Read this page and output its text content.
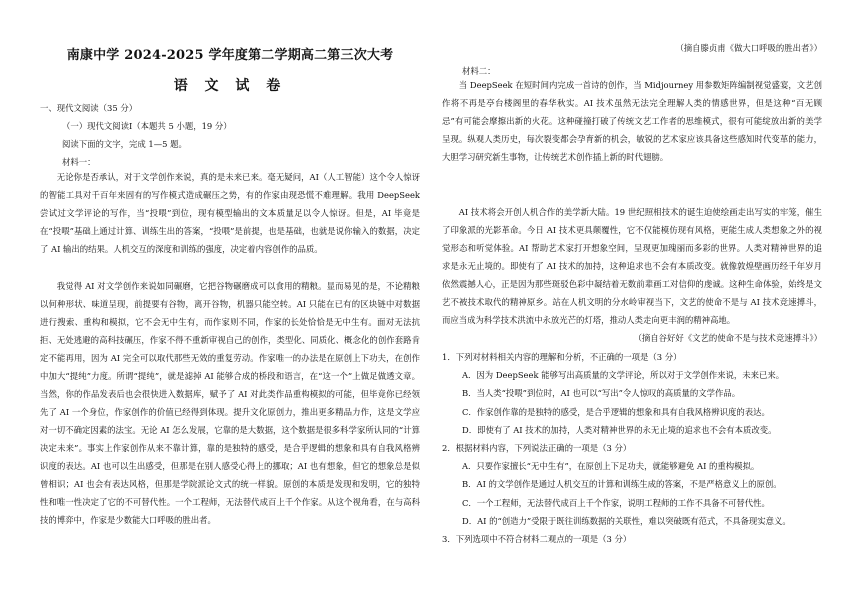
南康中学 2024-2025 学年度第二学期高二第三次大考
语 文 试 卷
一、现代文阅读（35 分）
（一）现代文阅读Ⅰ（本题共 5 小题，19 分）
阅读下面的文字，完成 1—5 题。
材料一：

无论你是否承认，对于文学创作来说，真的是未来已来。毫无疑问，AI（人工智能）这个令人惊讶的智能工具对千百年来固有的写作模式造成碾压之势，有的作家由现恐慌不难理解。我用 DeepSeek 尝试过文学评论的写作，当“投喂”到位，现有模型输出的文本质量足以令人惊讶。但是，AI 毕竟是在“投喂”基础上通过计算、训练生出的答案，“投喂”是前提，也是基础，也就是说你输入的数据，决定了 AI 输出的结果。人机交互的深度和训练的强度，决定着内容创作的品质。

我觉得 AI 对文学创作来说如同碾磨，它把谷物碾磨成可以食用的精粮。显而易见的是，不论精粮以何种形状、味道呈现，前提要有谷物，离开谷物，机器只能空转。AI 只能在已有的区块链中对数据进行搜索、重构和模拟，它不会无中生有，而作家则不同，作家的长处恰恰是无中生有。面对无法抗拒、无处逃避的高科技碾压，作家不得不重新审视自己的创作，类型化、同质化、概念化的创作套路肯定不能再用，因为 AI 完全可以取代那些无效的重复劳动。作家唯一的办法是在原创上下功夫，在创作中加大“提纯”力度。所谓“提纯”，就是滤掉 AI 能够合成的桥段和语言，在“这一个”上做足做透文章。当然，你的作品发表后也会很快进入数据库，赋予了 AI 对此类作品重构模拟的可能，但毕竟你已经领先了 AI 一个身位，作家创作的价值已经得到体现。提升文化原创力，推出更多精品力作，这是文学应对一切不确定因素的法宝。无论 AI 怎么发展，它靠的是大数据，这个数据是很多科学家所认同的“计算决定未来”。事实上作家创作从来不靠计算，靠的是独特的感受，是合乎逻辑的想象和具有自我风格辨识度的表达。AI 也可以生出感受，但那是在别人感受心得上的挪取；AI 也有想象，但它的想象总是似曾相识；AI 也会有表达风格，但那是学院派论文式的统一样貌。原创的本质是发现和发明，它的独特性和唯一性决定了它的不可替代性。一个工程师，无法替代成百上千个作家。从这个视角看，在与高科技的博弈中，作家是少数能大口呼吸的胜出者。

（摘自滕贞甫《做大口呼吸的胜出者》）
材料二：

当 DeepSeek 在短时间内完成一首诗的创作，当 Midjourney 用参数矩阵编制视觉盛宴，文艺创作将不再是亭台楼阁里的春华秋实。AI 技术虽然无法完全理解人类的情感世界，但是这种“百无顾忌”有可能会摩擦出新的火花。这种碰撞打破了传统文艺工作者的思维模式，很有可能绽放出新的美学呈现。纵观人类历史，每次裂变都会孕育新的机会，敏锐的艺术家应该具备这些感知时代变革的能力，大胆学习研究新生事物，让传统艺术创作插上新的时代翅膀。

AI 技术将会开创人机合作的美学新大陆。19 世纪照相技术的诞生迫使绘画走出写实的牢笼，催生了印象派的光影革命。今日 AI 技术更具颠覆性，它不仅能模仿现有风格，更能生成人类想象之外的视觉形态和听觉体验。AI 帮助艺术家打开想象空间，呈现更加瑰丽而多彩的世界。人类对精神世界的追求是永无止境的。即使有了 AI 技术的加持，这种追求也不会有本质改变。就像敦煌壁画历经千年岁月依然震撼人心，正是因为那些斑驳色彩中凝结着无数前辈画工对信仰的虔诚。这种生命体验，始终是文艺不被技术取代的精神原乡。站在人机文明的分水岭审视当下，文艺的使命不是与 AI 技术竞速搏斗，而应当成为科学技术洪流中永放光芒的灯塔，推动人类走向更丰润的精神高地。

（摘自谷好好《文艺的使命不是与技术竞速搏斗》）

1．下列对材料相关内容的理解和分析，不正确的一项是（3 分）

A．因为 DeepSeek 能够写出高质量的文学评论，所以对于文学创作来说，未来已来。

B．当人类“投喂”到位时，AI 也可以“写出”令人惊叹的高质量的文学作品。

C．作家创作靠的是独特的感受，是合乎逻辑的想象和具有自我风格辨识度的表达。

D．即使有了 AI 技术的加持，人类对精神世界的永无止境的追求也不会有本质改变。

2．根据材料内容，下列说法正确的一项是（3 分）

A．只要作家擅长“无中生有”，在原创上下足功夫，就能够避免 AI 的重构模拟。

B．AI 的文学创作是通过人机交互的计算和训练生成的答案，不是严格意义上的原创。

C．一个工程师，无法替代成百上千个作家，说明工程师的工作不具备不可替代性。

D．AI 的“创造力”受限于既往训练数据的关联性，难以突破既有范式，不具备现实意义。

3．下列选项中不符合材料二观点的一项是（3 分）
